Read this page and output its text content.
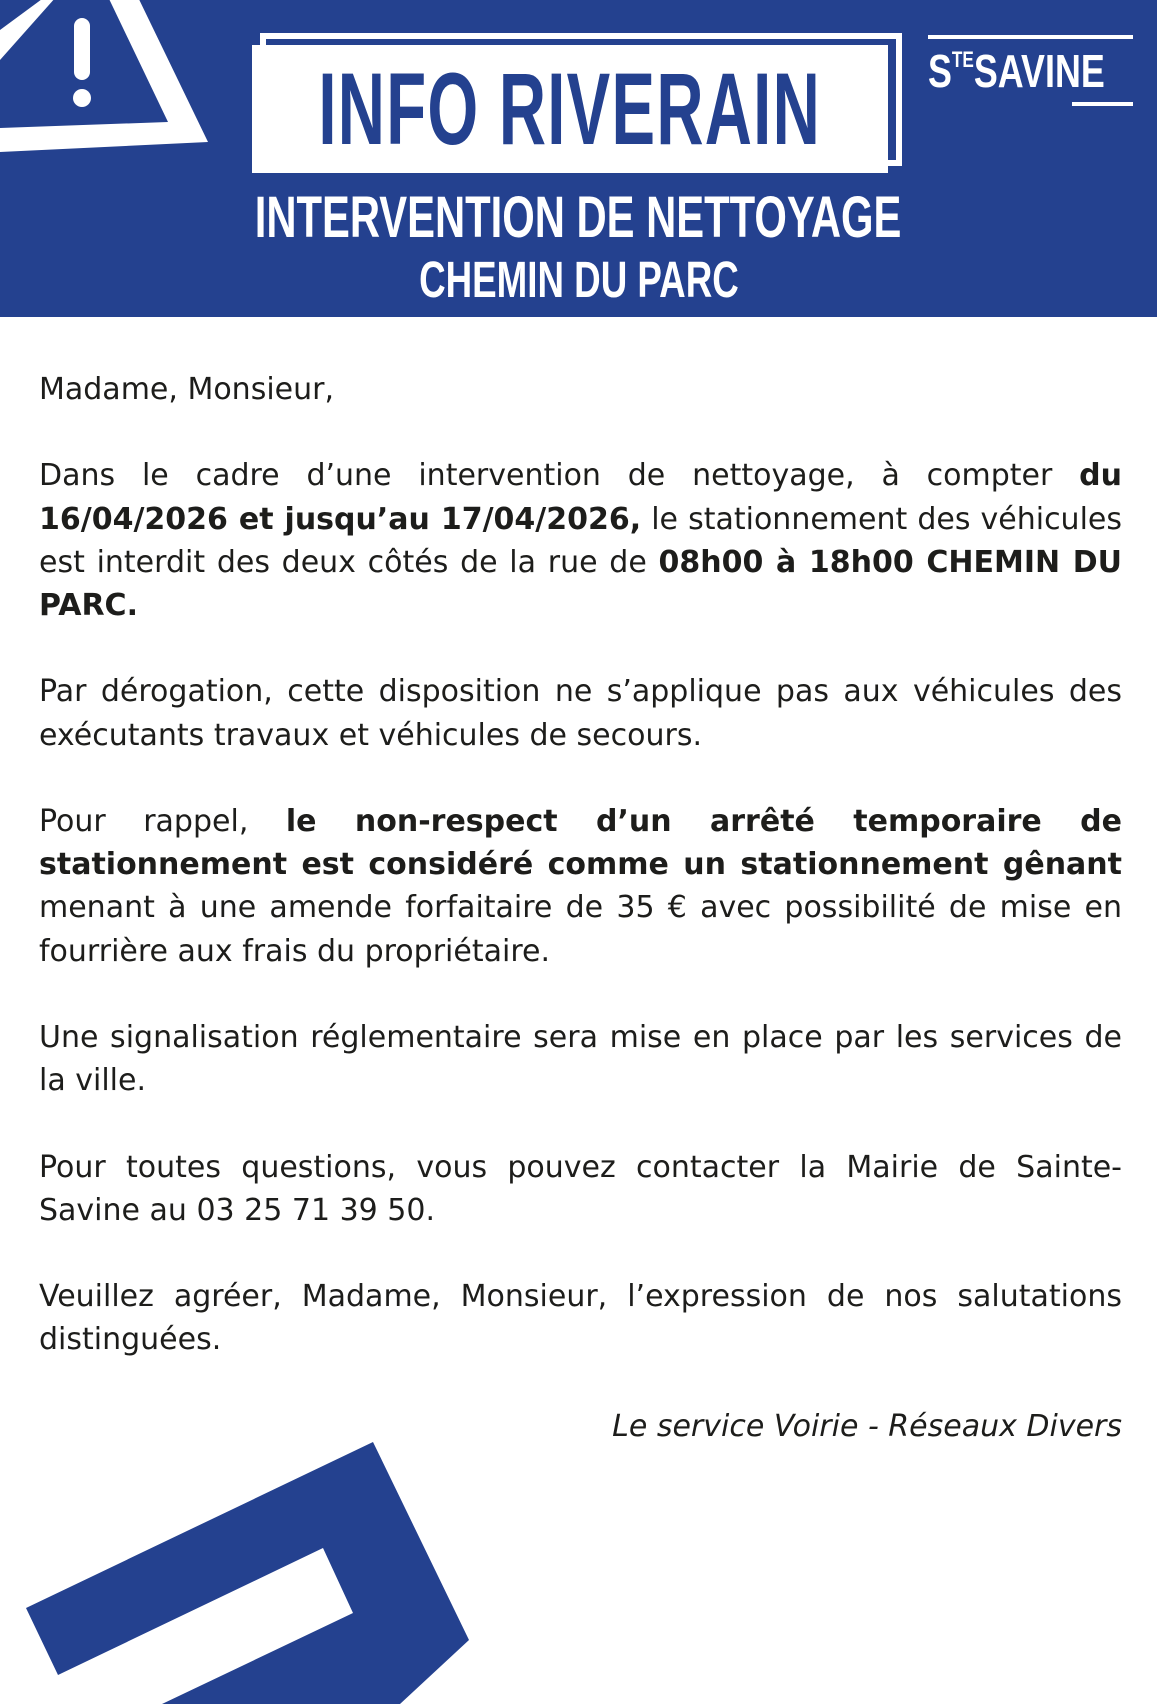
INFO RIVERAIN $S^{TE}SAVINE$
INTERVENTION DE NETTOYAGE
CHEMIN DU PARC

Madame, Monsieur,

Dans le cadre d’une intervention de nettoyage, à compter du 16/04/2026 et jusqu’au 17/04/2026, le stationnement des véhicules est interdit des deux côtés de la rue de 08h00 à 18h00 CHEMIN DU PARC.

Par dérogation, cette disposition ne s’applique pas aux véhicules des exécutants travaux et véhicules de secours.

Pour rappel, le non-respect d’un arrêté temporaire de stationnement est considéré comme un stationnement gênant menant à une amende forfaitaire de 35 € avec possibilité de mise en fourrière aux frais du propriétaire.

Une signalisation réglementaire sera mise en place par les services de la ville.

Pour toutes questions, vous pouvez contacter la Mairie de Sainte-Savine au 03 25 71 39 50.

Veuillez agréer, Madame, Monsieur, l’expression de nos salutations distinguées.

Le service Voirie - Réseaux Divers
